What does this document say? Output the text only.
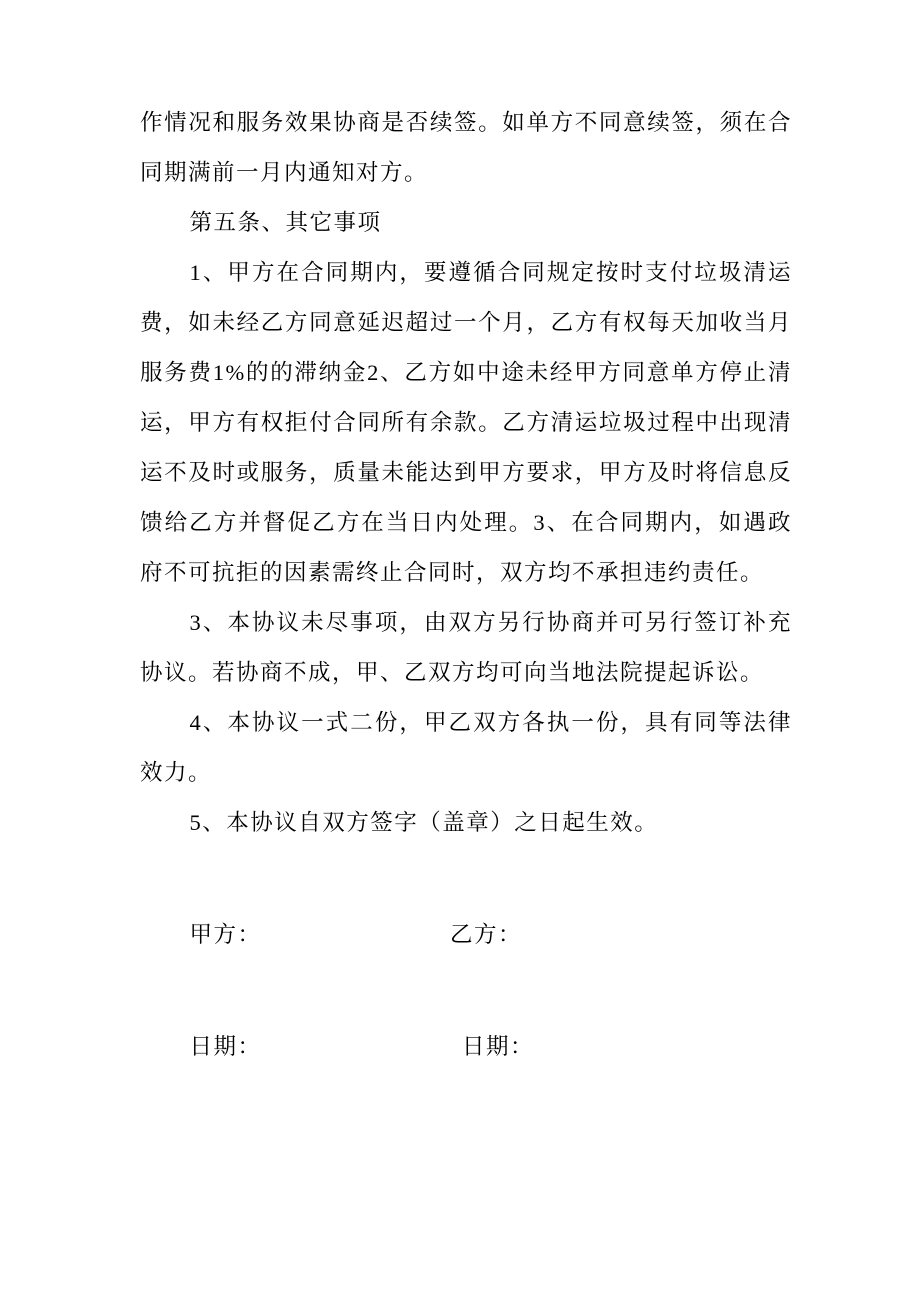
作情况和服务效果协商是否续签。如单方不同意续签，须在合同期满前一月内通知对方。

第五条、其它事项

1、甲方在合同期内，要遵循合同规定按时支付垃圾清运费，如未经乙方同意延迟超过一个月，乙方有权每天加收当月服务费1%的的滞纳金2、乙方如中途未经甲方同意单方停止清运，甲方有权拒付合同所有余款。乙方清运垃圾过程中出现清运不及时或服务，质量未能达到甲方要求，甲方及时将信息反馈给乙方并督促乙方在当日内处理。3、在合同期内，如遇政府不可抗拒的因素需终止合同时，双方均不承担违约责任。

3、本协议未尽事项，由双方另行协商并可另行签订补充协议。若协商不成，甲、乙双方均可向当地法院提起诉讼。

4、本协议一式二份，甲乙双方各执一份，具有同等法律效力。

5、本协议自双方签字（盖章）之日起生效。

甲方：	乙方：
日期：	日期：
